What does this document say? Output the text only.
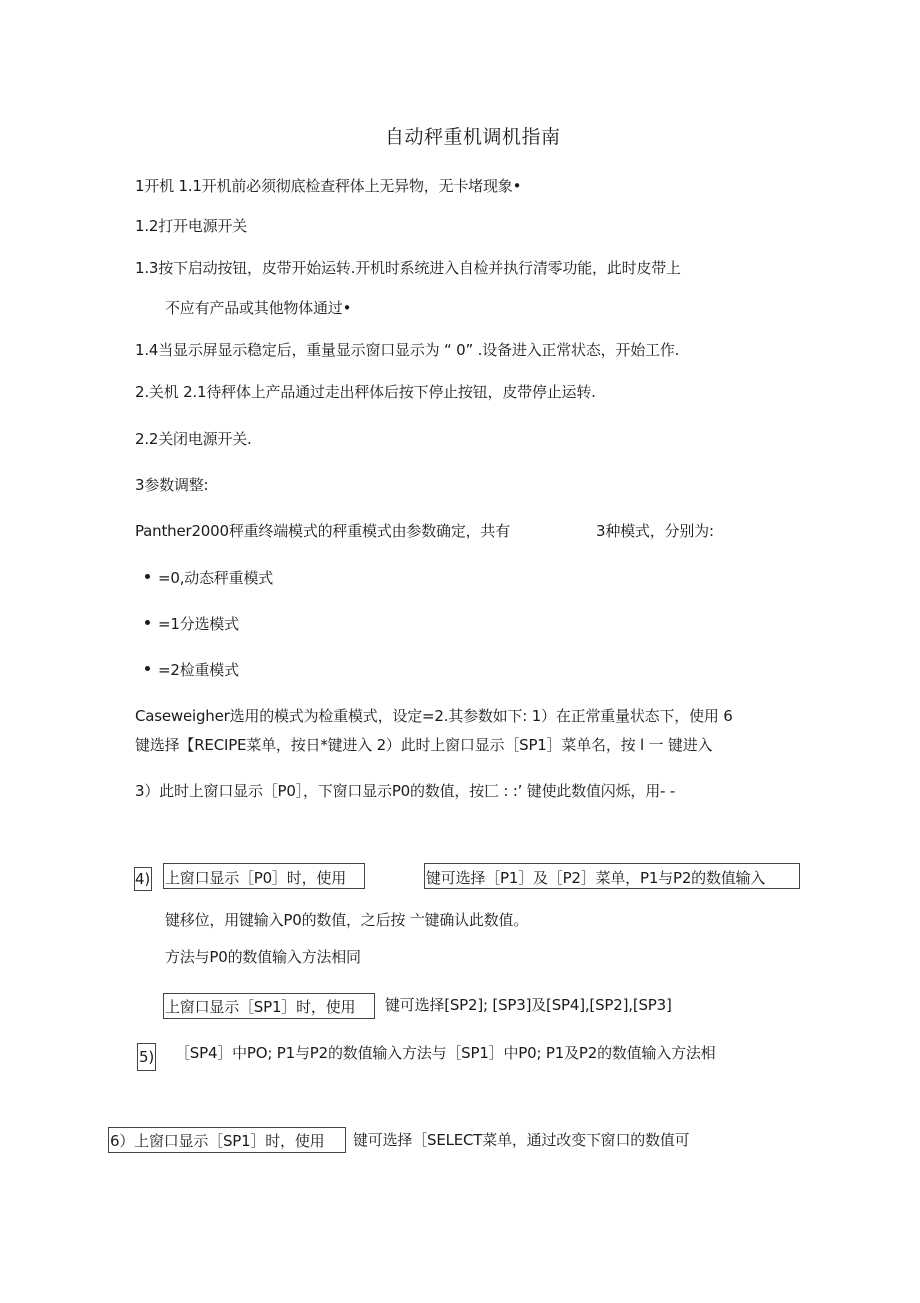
自动秤重机调机指南
1开机 1.1开机前必须彻底检查秤体上无异物，无卡堵现象•
1.2打开电源开关
1.3按下启动按钮，皮带开始运转.开机时系统进入自检并执行清零功能，此时皮带上
不应有产品或其他物体通过•
1.4当显示屏显示稳定后，重量显示窗口显示为 “ 0” .设备进入正常状态，开始工作.
2.关机 2.1待秤体上产品通过走出秤体后按下停止按钮，皮带停止运转.
2.2关闭电源开关.
3参数调整:
Panther2000秤重终端模式的秤重模式由参数确定，共有	3种模式，分别为:
=0,动态秤重模式
=1分选模式
=2检重模式
Caseweigher选用的模式为检重模式，设定=2.其参数如下: 1）在正常重量状态下，使用 6
键选择【RECIPE菜单，按日*键进入 2）此时上窗口显示［SP1］菜单名，按 l 一 键进入
3）此时上窗口显示［P0］，下窗口显示P0的数值，按匚 : :’ 键使此数值闪烁，用- -
4) 上窗口显示［P0］时，使用	键可选择［P1］及［P2］菜单，P1与P2的数值输入
键移位，用键输入P0的数值，之后按 亠键确认此数值。
方法与P0的数值输入方法相同
上窗口显示［SP1］时，使用 键可选择[SP2]; [SP3]及[SP4],[SP2],[SP3]
5) ［SP4］中PO; P1与P2的数值输入方法与［SP1］中P0; P1及P2的数值输入方法相
6）上窗口显示［SP1］时，使用 键可选择［SELECT菜单，通过改变下窗口的数值可
